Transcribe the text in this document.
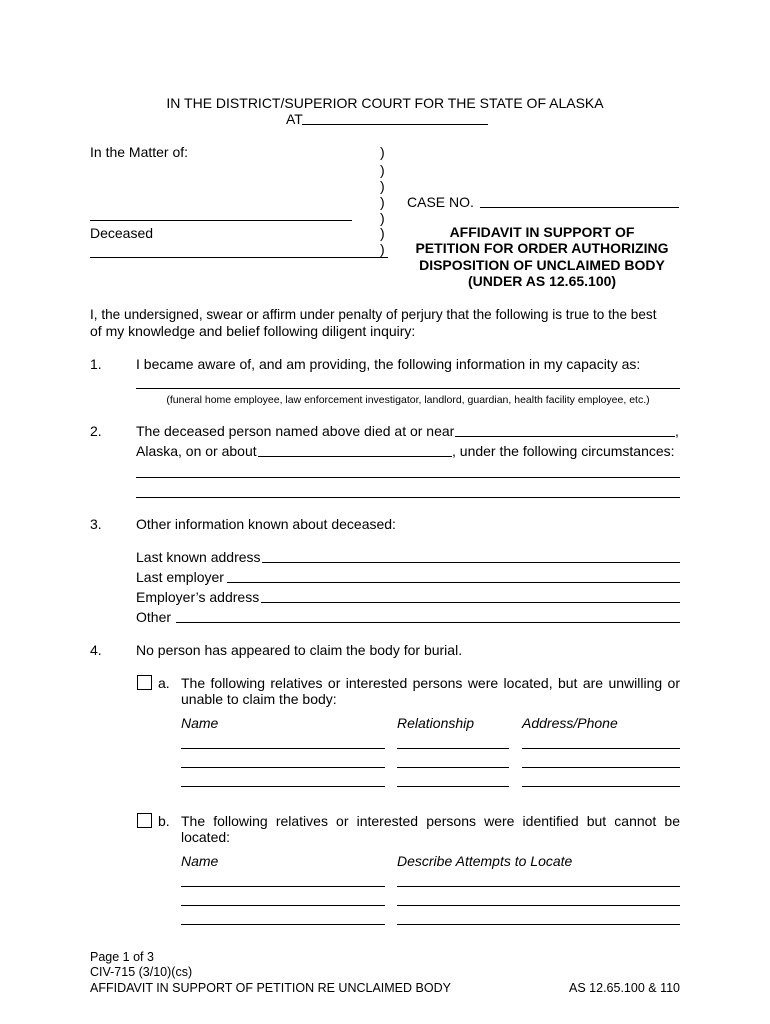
IN THE DISTRICT/SUPERIOR COURT FOR THE STATE OF ALASKA
AT
In the Matter of:
Deceased
)
)
)
)
)
)
)
CASE NO.
AFFIDAVIT IN SUPPORT OF
PETITION FOR ORDER AUTHORIZING
DISPOSITION OF UNCLAIMED BODY
(UNDER AS 12.65.100)
I, the undersigned, swear or affirm under penalty of perjury that the following is true to the best
of my knowledge and belief following diligent inquiry:
1. I became aware of, and am providing, the following information in my capacity as:
(funeral home employee, law enforcement investigator, landlord, guardian, health facility employee, etc.)
2. The deceased person named above died at or near	,
Alaska, on or about	, under the following circumstances:
3. Other information known about deceased:
Last known address
Last employer
Employer’s address
Other
4. No person has appeared to claim the body for burial.
a. The following relatives or interested persons were located, but are unwilling or
unable to claim the body:
Name	Relationship	Address/Phone
b. The following relatives or interested persons were identified but cannot be
located:
Name	Describe Attempts to Locate
Page 1 of 3
CIV-715 (3/10)(cs)
AFFIDAVIT IN SUPPORT OF PETITION RE UNCLAIMED BODY	AS 12.65.100 & 110
